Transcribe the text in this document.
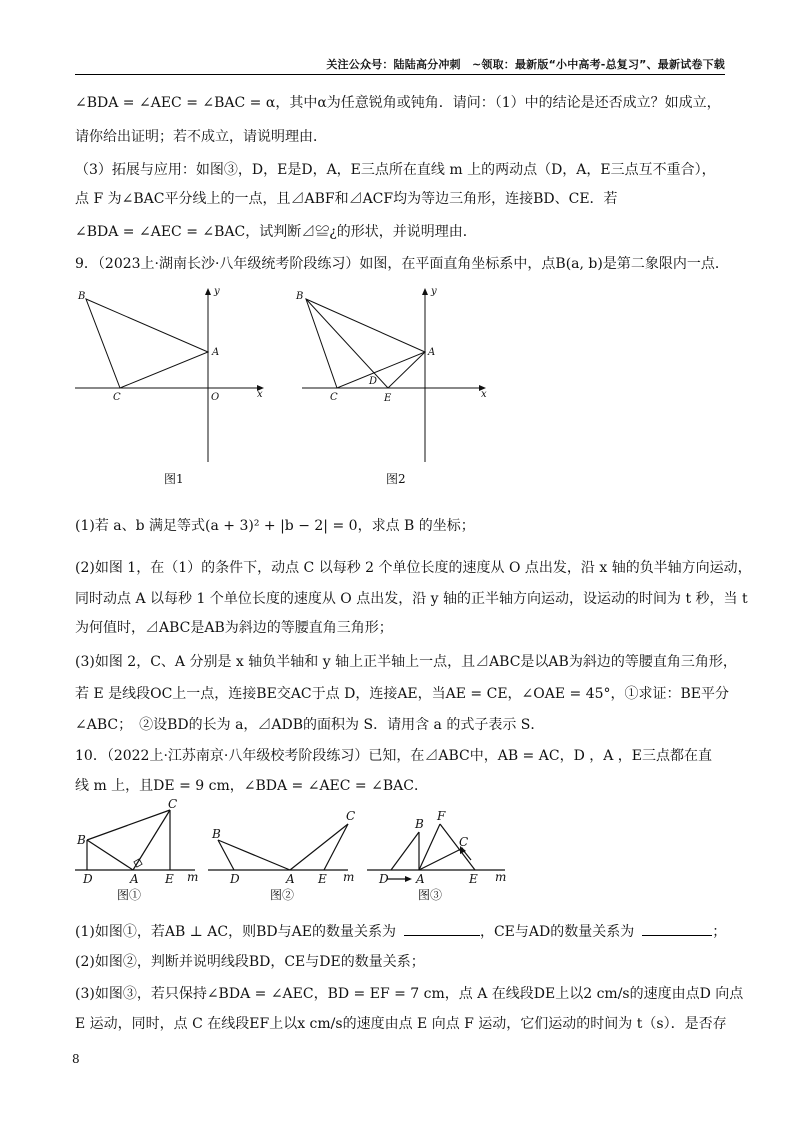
关注公众号：陆陆高分冲刺　~领取：最新版“小中高考-总复习”、最新试卷下载
∠BDA = ∠AEC = ∠BAC = α，其中α为任意锐角或钝角．请问：（1）中的结论是还否成立？如成立，
请你给出证明；若不成立，请说明理由．
（3）拓展与应用：如图③，D，E是D，A，E三点所在直线 m 上的两动点（D，A，E三点互不重合），
点 F 为∠BAC平分线上的一点，且⊿ABF和⊿ACF均为等边三角形，连接BD、CE．若
∠BDA = ∠AEC = ∠BAC，试判断⊿≌¿的形状，并说明理由．
9．（2023上·湖南长沙·八年级统考阶段练习）如图，在平面直角坐标系中，点B(a, b)是第二象限内一点．
B
A
C	O	x
y
图1
B
A
C
D
E	x
y
图2
(1)若 a、b 满足等式(a + 3)² + |b − 2| = 0，求点 B 的坐标；
(2)如图 1，在（1）的条件下，动点 C 以每秒 2 个单位长度的速度从 O 点出发，沿 x 轴的负半轴方向运动，
同时动点 A 以每秒 1 个单位长度的速度从 O 点出发，沿 y 轴的正半轴方向运动，设运动的时间为 t 秒，当 t
为何值时，⊿ABC是AB为斜边的等腰直角三角形；
(3)如图 2，C、A 分别是 x 轴负半轴和 y 轴上正半轴上一点，且⊿ABC是以AB为斜边的等腰直角三角形，
若 E 是线段OC上一点，连接BE交AC于点 D，连接AE，当AE = CE，∠OAE = 45°，①求证：BE平分
∠ABC；　②设BD的长为 a，⊿ADB的面积为 S．请用含 a 的式子表示 S．
10．（2022上·江苏南京·八年级校考阶段练习）已知，在⊿ABC中，AB = AC，D ，A ，E三点都在直
线 m 上，且DE = 9 cm，∠BDA = ∠AEC = ∠BAC．
B
C
D	A E m
图①
B
C
D	A E m
图②
B
F
C
D A	E m
图③
(1)如图①，若AB ⊥ AC，则BD与AE的数量关系为	，CE与AD的数量关系为	；
(2)如图②，判断并说明线段BD，CE与DE的数量关系；
(3)如图③，若只保持∠BDA = ∠AEC，BD = EF = 7 cm，点 A 在线段DE上以2 cm/s的速度由点D 向点
E 运动，同时，点 C 在线段EF上以x cm/s的速度由点 E 向点 F 运动，它们运动的时间为 t（s）．是否存
8
